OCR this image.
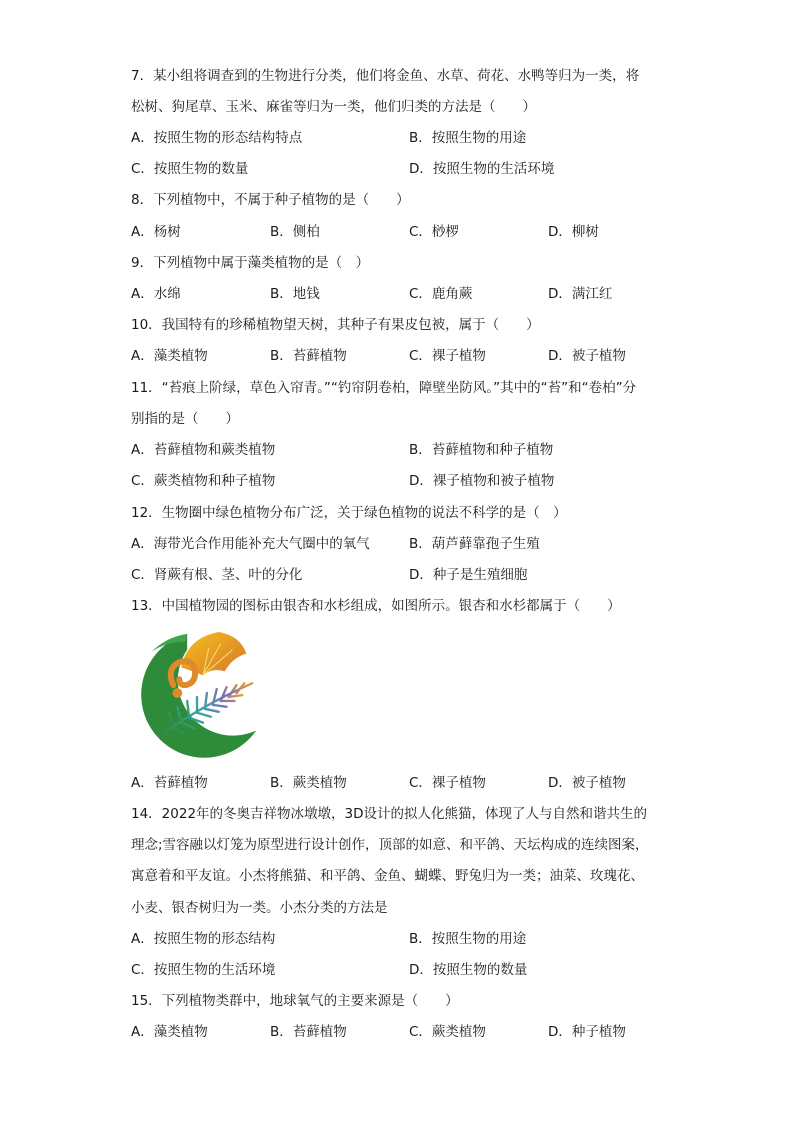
7．某小组将调查到的生物进行分类，他们将金鱼、水草、荷花、水鸭等归为一类，将
松树、狗尾草、玉米、麻雀等归为一类，他们归类的方法是（　　）
A．按照生物的形态结构特点	B．按照生物的用途
C．按照生物的数量	D．按照生物的生活环境
8．下列植物中，不属于种子植物的是（　　）
A．杨树	B．侧柏	C．桫椤	D．柳树
9．下列植物中属于藻类植物的是（　）
A．水绵	B．地钱	C．鹿角蕨	D．满江红
10．我国特有的珍稀植物望天树，其种子有果皮包被，属于（　　）
A．藻类植物	B．苔藓植物	C．裸子植物	D．被子植物
11．“苔痕上阶绿，草色入帘青。”“钓帘阴卷柏，障壁坐防风。”其中的“苔”和“卷柏”分
别指的是（　　）
A．苔藓植物和蕨类植物	B．苔藓植物和种子植物
C．蕨类植物和种子植物	D．裸子植物和被子植物
12．生物圈中绿色植物分布广泛，关于绿色植物的说法不科学的是（　）
A．海带光合作用能补充大气圈中的氧气	B．葫芦藓靠孢子生殖
C．肾蕨有根、茎、叶的分化	D．种子是生殖细胞
13．中国植物园的图标由银杏和水杉组成，如图所示。银杏和水杉都属于（　　）
A．苔藓植物	B．蕨类植物	C．裸子植物	D．被子植物
14．2022年的冬奥吉祥物冰墩墩，3D设计的拟人化熊猫，体现了人与自然和谐共生的
理念;雪容融以灯笼为原型进行设计创作，顶部的如意、和平鸽、天坛构成的连续图案，
寓意着和平友谊。小杰将熊猫、和平鸽、金鱼、蝴蝶、野兔归为一类；油菜、玫瑰花、
小麦、银杏树归为一类。小杰分类的方法是
A．按照生物的形态结构	B．按照生物的用途
C．按照生物的生活环境	D．按照生物的数量
15．下列植物类群中，地球氧气的主要来源是（　　）
A．藻类植物	B．苔藓植物	C．蕨类植物	D．种子植物
